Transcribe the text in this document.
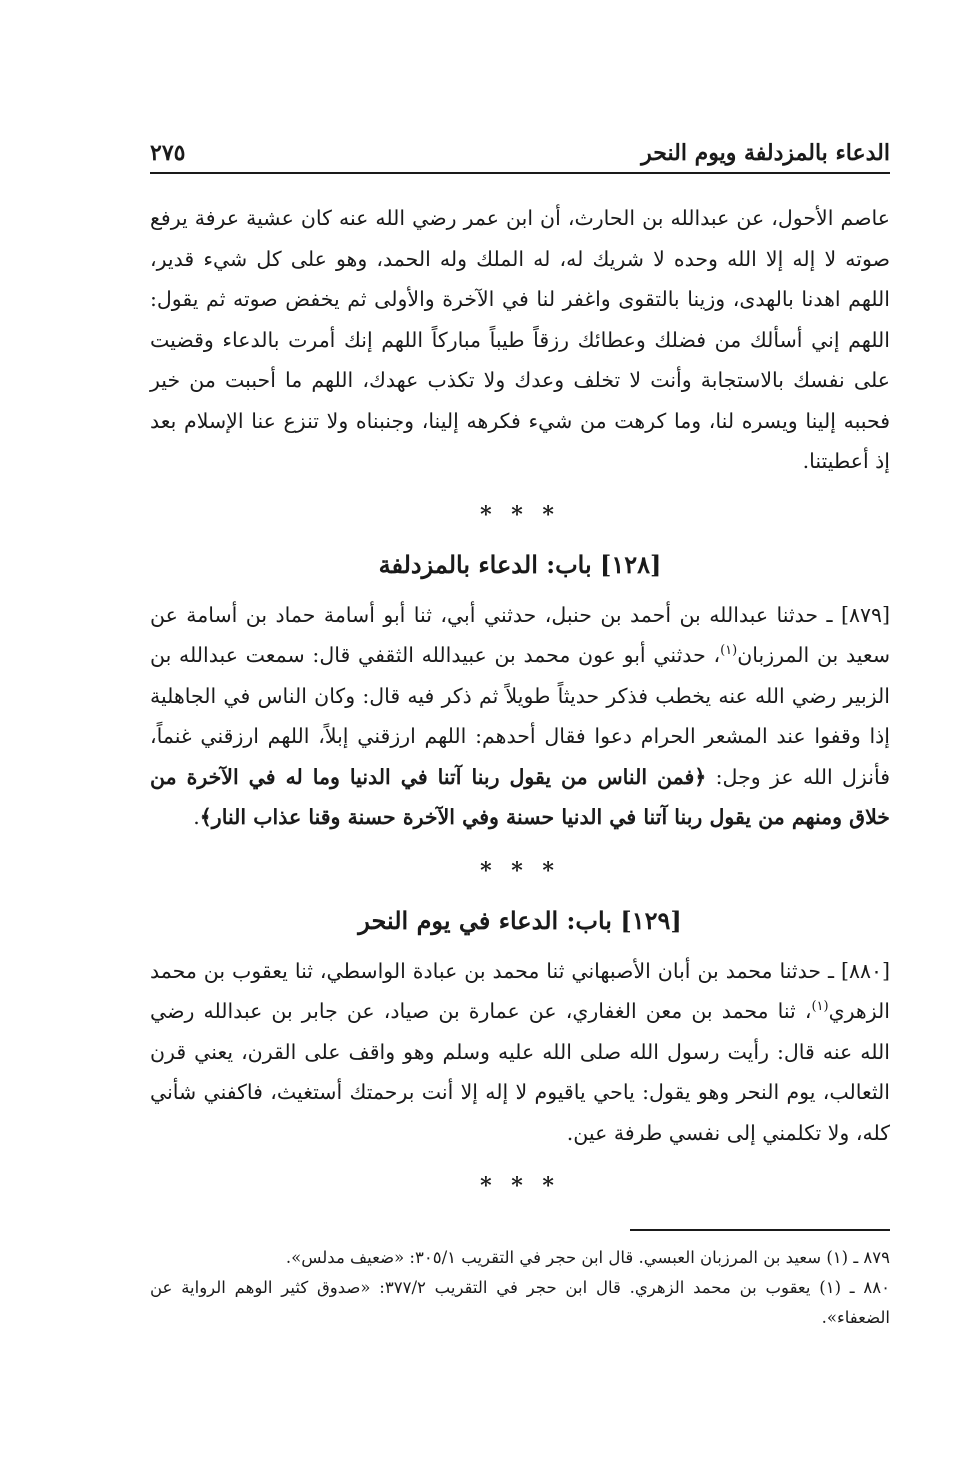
الدعاء بالمزدلفة ويوم النحر
٢٧٥

عاصم الأحول، عن عبدالله بن الحارث، أن ابن عمر رضي الله عنه كان عشية عرفة يرفع صوته لا إله إلا الله وحده لا شريك له، له الملك وله الحمد، وهو على كل شيء قدير، اللهم اهدنا بالهدى، وزينا بالتقوى واغفر لنا في الآخرة والأولى ثم يخفض صوته ثم يقول: اللهم إني أسألك من فضلك وعطائك رزقاً طيباً مباركاً اللهم إنك أمرت بالدعاء وقضيت على نفسك بالاستجابة وأنت لا تخلف وعدك ولا تكذب عهدك، اللهم ما أحببت من خير فحببه إلينا ويسره لنا، وما كرهت من شيء فكرهه إلينا، وجنبناه ولا تنزع عنا الإسلام بعد إذ أعطيتنا.

* * *
[١٢٨] باب: الدعاء بالمزدلفة

[٨٧٩] ـ حدثنا عبدالله بن أحمد بن حنبل، حدثني أبي، ثنا أبو أسامة حماد بن أسامة عن سعيد بن المرزبان$^{(١)}$، حدثني أبو عون محمد بن عبيدالله الثقفي قال: سمعت عبدالله بن الزبير رضي الله عنه يخطب فذكر حديثاً طويلاً ثم ذكر فيه قال: وكان الناس في الجاهلية إذا وقفوا عند المشعر الحرام دعوا فقال أحدهم: اللهم ارزقني إبلاً، اللهم ارزقني غنماً، فأنزل الله عز وجل: ﴿فمن الناس من يقول ربنا آتنا في الدنيا وما له في الآخرة من خلاق ومنهم من يقول ربنا آتنا في الدنيا حسنة وفي الآخرة حسنة وقنا عذاب النار﴾.

* * *
[١٢٩] باب: الدعاء في يوم النحر

[٨٨٠] ـ حدثنا محمد بن أبان الأصبهاني ثنا محمد بن عبادة الواسطي، ثنا يعقوب بن محمد الزهري$^{(١)}$، ثنا محمد بن معن الغفاري، عن عمارة بن صياد، عن جابر بن عبدالله رضي الله عنه قال: رأيت رسول الله صلى الله عليه وسلم وهو واقف على القرن، يعني قرن الثعالب، يوم النحر وهو يقول: ياحي ياقيوم لا إله إلا أنت برحمتك أستغيث، فاكفني شأني كله، ولا تكلمني إلى نفسي طرفة عين.

* * *

٨٧٩ ـ (١) سعيد بن المرزبان العبسي. قال ابن حجر في التقريب ٣٠٥/١: «ضعيف مدلس».

٨٨٠ ـ (١) يعقوب بن محمد الزهري. قال ابن حجر في التقريب ٣٧٧/٢: «صدوق كثير الوهم الرواية عن الضعفاء».
